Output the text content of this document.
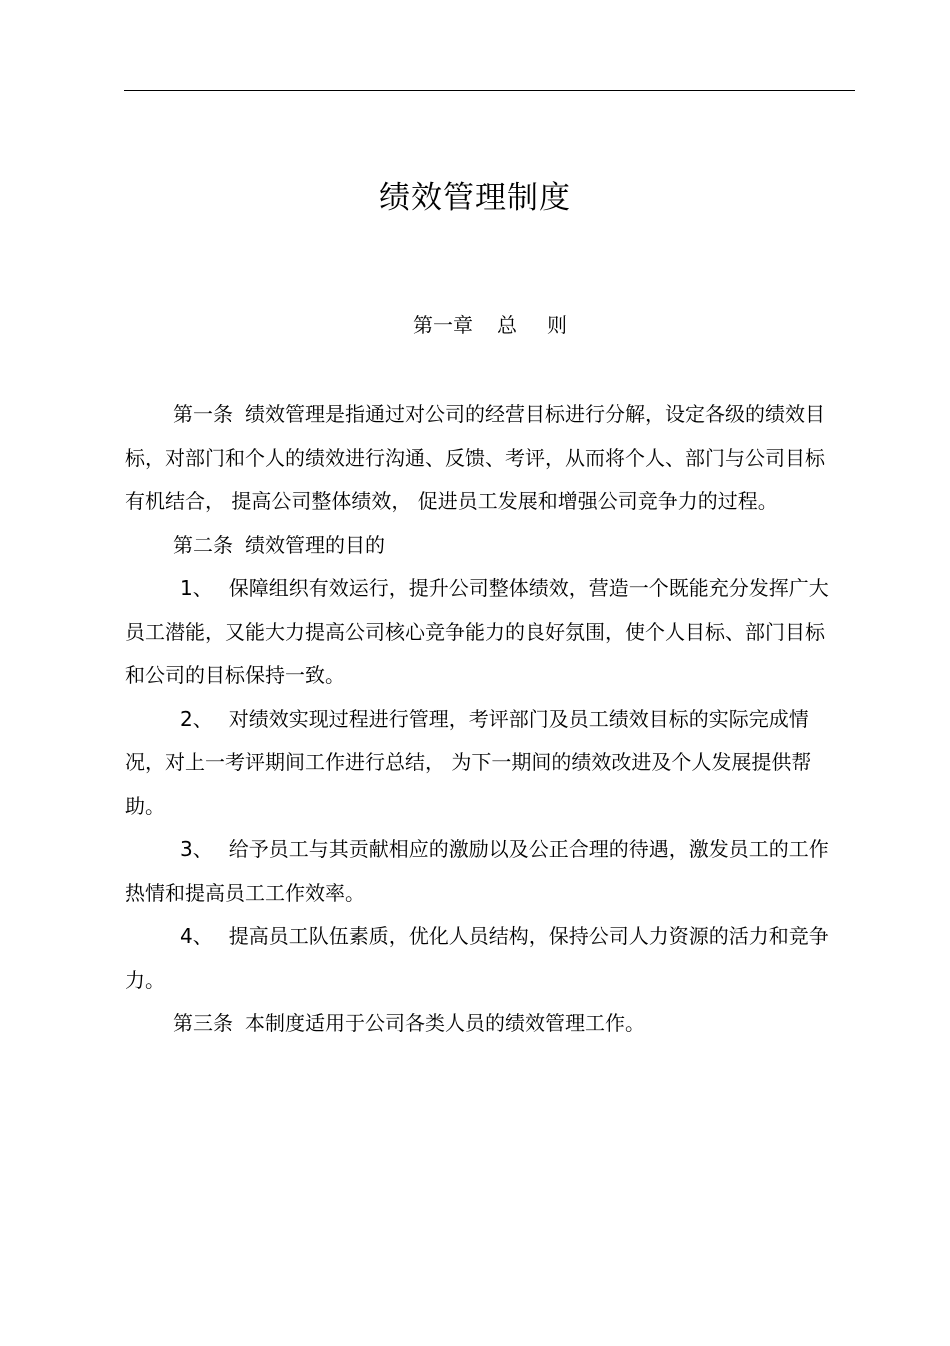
绩效管理制度
第一章 总 则

第一条 绩效管理是指通过对公司的经营目标进行分解，设定各级的绩效目标，对部门和个人的绩效进行沟通、反馈、考评，从而将个人、部门与公司目标有机结合， 提高公司整体绩效， 促进员工发展和增强公司竞争力的过程。

第二条 绩效管理的目的

1、 保障组织有效运行，提升公司整体绩效，营造一个既能充分发挥广大员工潜能，又能大力提高公司核心竞争能力的良好氛围，使个人目标、部门目标和公司的目标保持一致。

2、 对绩效实现过程进行管理，考评部门及员工绩效目标的实际完成情况，对上一考评期间工作进行总结， 为下一期间的绩效改进及个人发展提供帮助。

3、 给予员工与其贡献相应的激励以及公正合理的待遇，激发员工的工作热情和提高员工工作效率。

4、 提高员工队伍素质，优化人员结构，保持公司人力资源的活力和竞争力。

第三条 本制度适用于公司各类人员的绩效管理工作。
